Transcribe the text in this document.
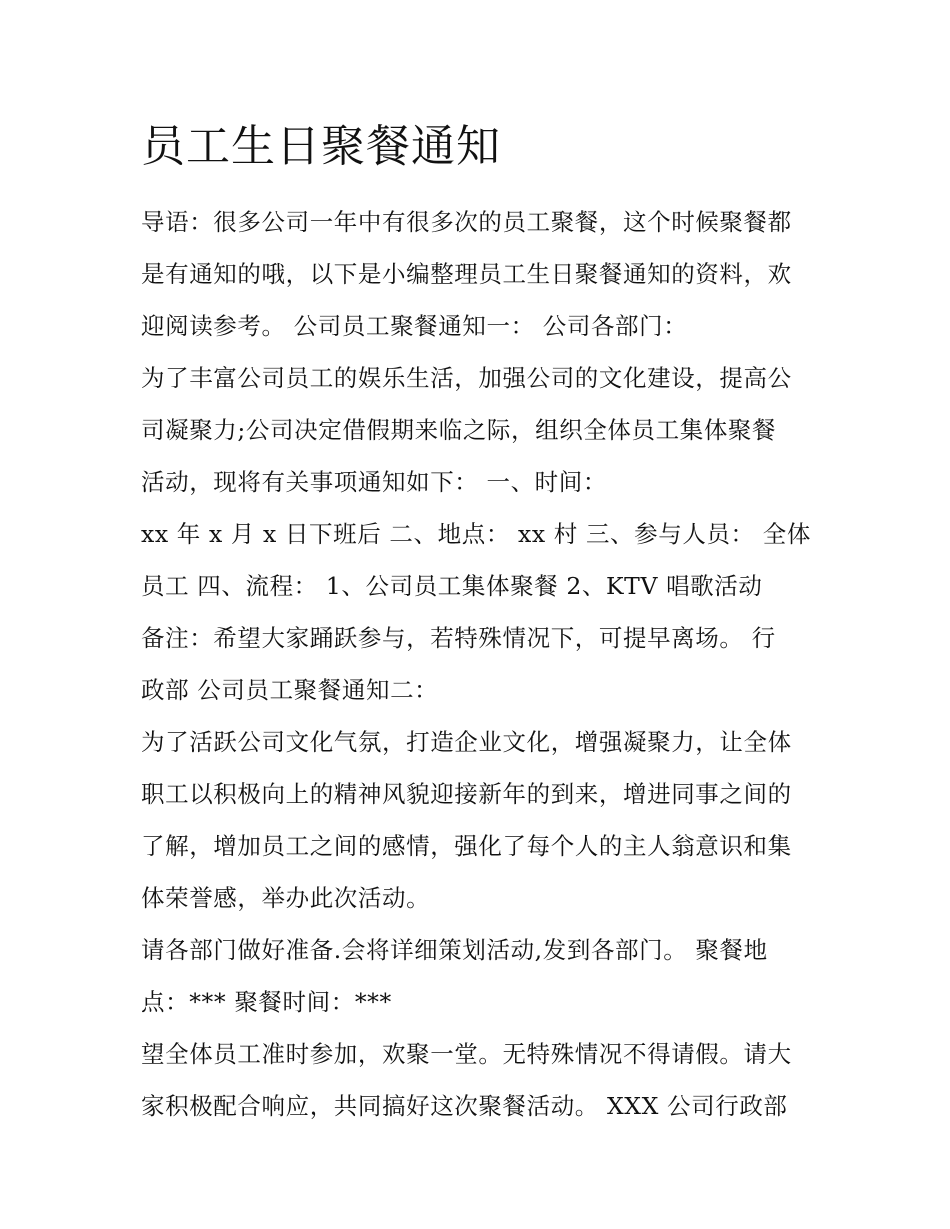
员工生日聚餐通知

导语：很多公司一年中有很多次的员工聚餐，这个时候聚餐都

是有通知的哦，以下是小编整理员工生日聚餐通知的资料，欢

迎阅读参考。 公司员工聚餐通知一： 公司各部门：

为了丰富公司员工的娱乐生活，加强公司的文化建设，提高公

司凝聚力;公司决定借假期来临之际，组织全体员工集体聚餐

活动，现将有关事项通知如下： 一、时间：

xx 年 x 月 x 日下班后 二、地点： xx 村 三、参与人员： 全体

员工 四、流程： 1、公司员工集体聚餐 2、KTV 唱歌活动

备注：希望大家踊跃参与，若特殊情况下，可提早离场。 行

政部 公司员工聚餐通知二：

为了活跃公司文化气氛，打造企业文化，增强凝聚力，让全体

职工以积极向上的精神风貌迎接新年的到来，增进同事之间的

了解，增加员工之间的感情，强化了每个人的主人翁意识和集

体荣誉感，举办此次活动。

请各部门做好准备.会将详细策划活动,发到各部门。 聚餐地

点：*** 聚餐时间：***

望全体员工准时参加，欢聚一堂。无特殊情况不得请假。请大

家积极配合响应，共同搞好这次聚餐活动。 XXX 公司行政部
